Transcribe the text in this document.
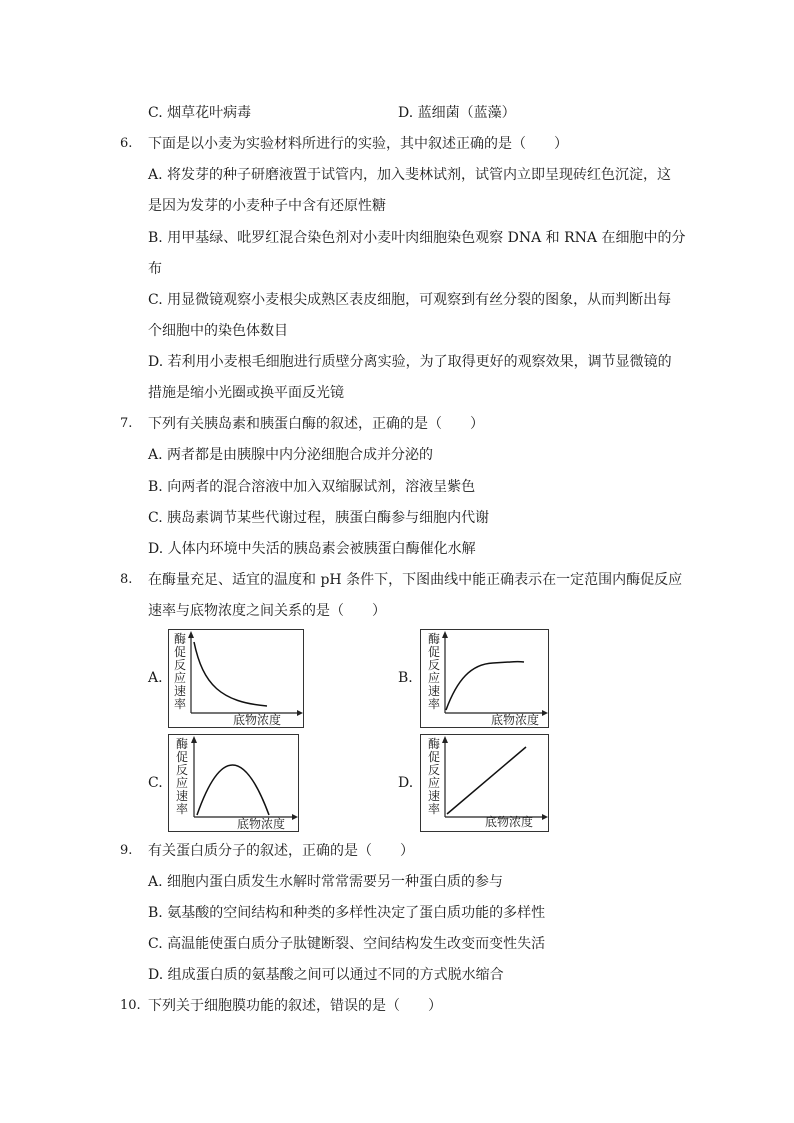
C. 烟草花叶病毒	D. 蓝细菌（蓝藻）
6. 下面是以小麦为实验材料所进行的实验，其中叙述正确的是（　　）
A. 将发芽的种子研磨液置于试管内，加入斐林试剂，试管内立即呈现砖红色沉淀，这
是因为发芽的小麦种子中含有还原性糖
B. 用甲基绿、吡罗红混合染色剂对小麦叶肉细胞染色观察 DNA 和 RNA 在细胞中的分
布
C. 用显微镜观察小麦根尖成熟区表皮细胞，可观察到有丝分裂的图象，从而判断出每
个细胞中的染色体数目
D. 若利用小麦根毛细胞进行质壁分离实验，为了取得更好的观察效果，调节显微镜的
措施是缩小光圈或换平面反光镜
7. 下列有关胰岛素和胰蛋白酶的叙述，正确的是（　　）
A. 两者都是由胰腺中内分泌细胞合成并分泌的
B. 向两者的混合溶液中加入双缩脲试剂，溶液呈紫色
C. 胰岛素调节某些代谢过程，胰蛋白酶参与细胞内代谢
D. 人体内环境中失活的胰岛素会被胰蛋白酶催化水解
8. 在酶量充足、适宜的温度和 pH 条件下，下图曲线中能正确表示在一定范围内酶促反应
速率与底物浓度之间关系的是（　　）
A.
酶促反应速率
底物浓度
B.
酶促反应速率
底物浓度
C.
酶促反应速率
底物浓度
D.
酶促反应速率
底物浓度
9. 有关蛋白质分子的叙述，正确的是（　　）
A. 细胞内蛋白质发生水解时常常需要另一种蛋白质的参与
B. 氨基酸的空间结构和种类的多样性决定了蛋白质功能的多样性
C. 高温能使蛋白质分子肽键断裂、空间结构发生改变而变性失活
D. 组成蛋白质的氨基酸之间可以通过不同的方式脱水缩合
10. 下列关于细胞膜功能的叙述，错误的是（　　）
